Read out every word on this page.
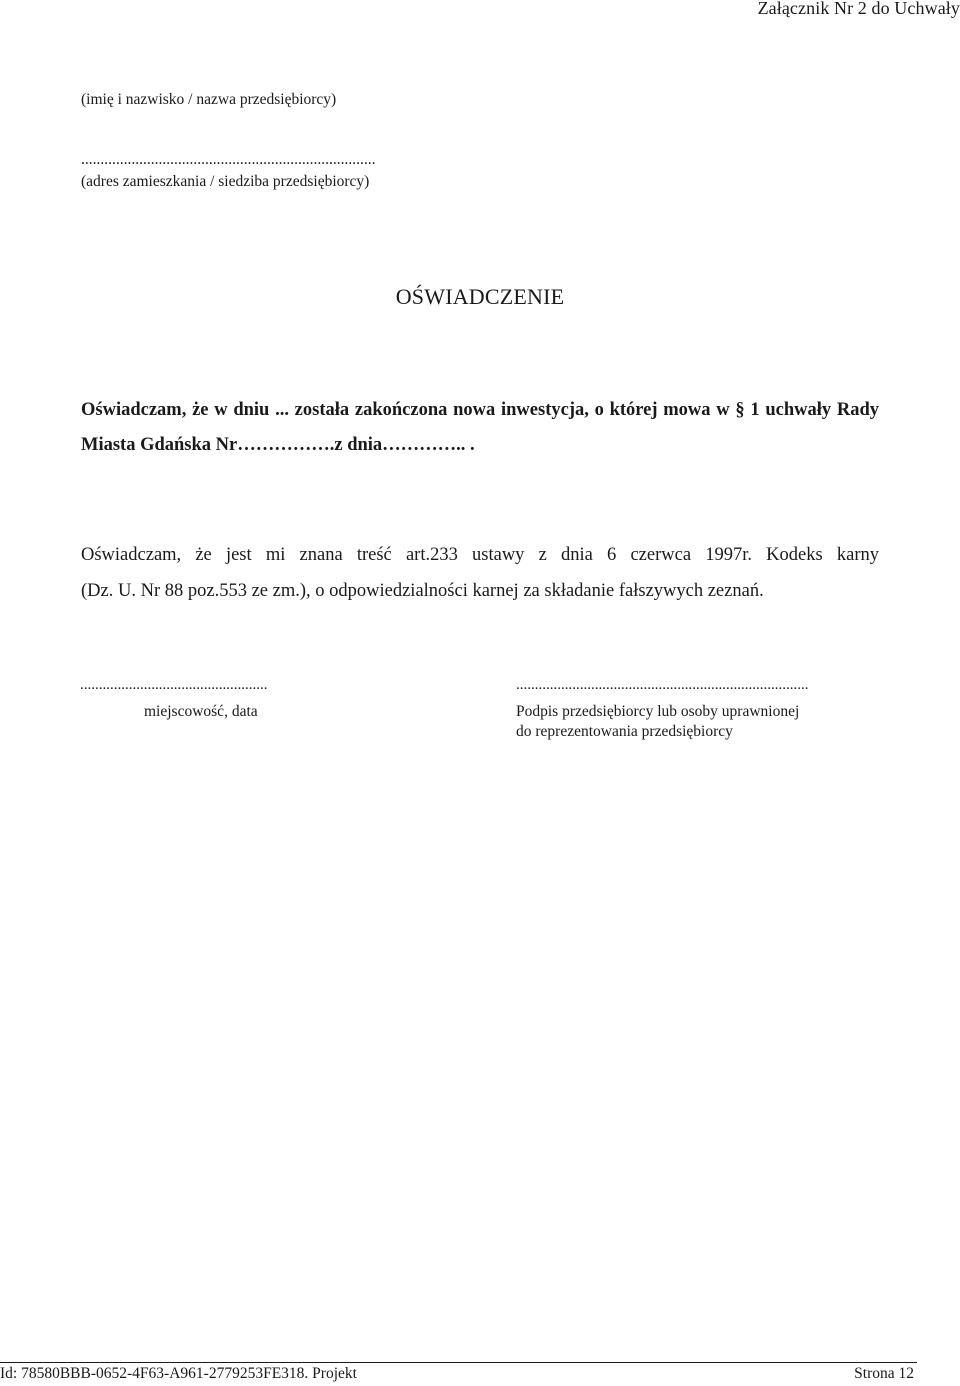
Załącznik Nr 2 do Uchwały
(imię i nazwisko / nazwa przedsiębiorcy)
............................................................................
(adres zamieszkania / siedziba przedsiębiorcy)
OŚWIADCZENIE
Oświadczam, że w dniu ... została zakończona nowa inwestycja, o której mowa w § 1 uchwały Rady Miasta Gdańska Nr…………….z dnia………….. .
Oświadczam, że jest mi znana treść art.233 ustawy z dnia 6 czerwca 1997r. Kodeks karny
(Dz. U. Nr 88 poz.553 ze zm.), o odpowiedzialności karnej za składanie fałszywych zeznań.
..................................................
miejscowość, data
..............................................................................
Podpis przedsiębiorcy lub osoby uprawnionej
do reprezentowania przedsiębiorcy
Id: 78580BBB-0652-4F63-A961-2779253FE318. Projekt	Strona 12
